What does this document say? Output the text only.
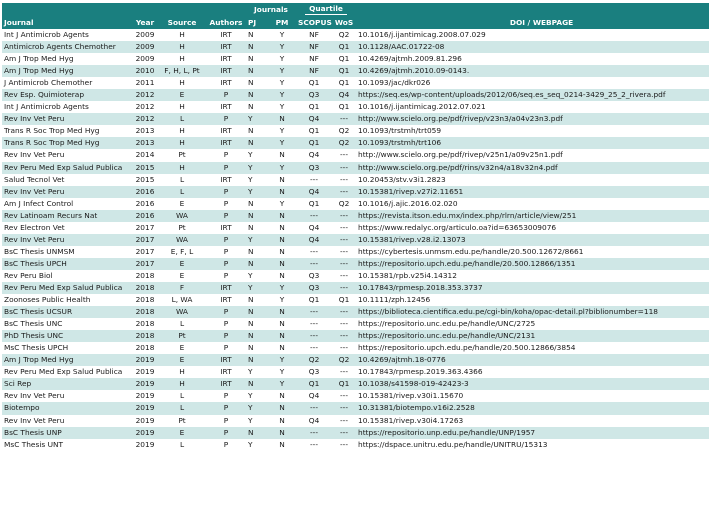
Journal	Year	Source	Authors	Journals		Quartile		DOI / WEBPAGE
				PJ	PM	SCOPUS	WoS	
Int J Antimicrob Agents	2009	H	IRT	N	Y	NF	Q2	10.1016/j.ijantimicag.2008.07.029
Antimicrob Agents Chemother	2009	H	IRT	N	Y	NF	Q1	10.1128/AAC.01722-08
Am J Trop Med Hyg	2009	H	IRT	N	Y	NF	Q1	10.4269/ajtmh.2009.81.296
Am J Trop Med Hyg	2010	F, H, L, Pt	IRT	N	Y	NF	Q1	10.4269/ajtmh.2010.09-0143.
J Antimicrob Chemother	2011	H	IRT	N	Y	Q1	Q1	10.1093/jac/dkr026
Rev Esp. Quimioterap	2012	E	P	N	Y	Q3	Q4	https://seq.es/wp-content/uploads/2012/06/seq.es_seq_0214-3429_25_2_rivera.pdf
Int J Antimicrob Agents	2012	H	IRT	N	Y	Q1	Q1	10.1016/j.ijantimicag.2012.07.021
Rev Inv Vet Peru	2012	L	P	Y	N	Q4	---	http://www.scielo.org.pe/pdf/rivep/v23n3/a04v23n3.pdf
Trans R Soc Trop Med Hyg	2013	H	IRT	N	Y	Q1	Q2	10.1093/trstmh/trt059
Trans R Soc Trop Med Hyg	2013	H	IRT	N	Y	Q1	Q2	10.1093/trstmh/trt106
Rev Inv Vet Peru	2014	Pt	P	Y	N	Q4	---	http://www.scielo.org.pe/pdf/rivep/v25n1/a09v25n1.pdf
Rev Peru Med Exp Salud Publica	2015	H	P	Y	Y	Q3	---	http://www.scielo.org.pe/pdf/rins/v32n4/a18v32n4.pdf
Salud Tecnol Vet	2015	L	IRT	Y	N	---	---	10.20453/stv.v3i1.2823
Rev Inv Vet Peru	2016	L	P	Y	N	Q4	---	10.15381/rivep.v27i2.11651
Am J Infect Control	2016	E	P	N	Y	Q1	Q2	10.1016/j.ajic.2016.02.020
Rev Latinoam Recurs Nat	2016	WA	P	N	N	---	---	https://revista.itson.edu.mx/index.php/rlrn/article/view/251
Rev Electron Vet	2017	Pt	IRT	N	N	Q4	---	https://www.redalyc.org/articulo.oa?id=63653009076
Rev Inv Vet Peru	2017	WA	P	Y	N	Q4	---	10.15381/rivep.v28.i2.13073
BsC Thesis UNMSM	2017	E, F, L	P	N	N	---	---	https://cybertesis.unmsm.edu.pe/handle/20.500.12672/8661
BsC Thesis UPCH	2017	E	P	N	N	---	---	https://repositorio.upch.edu.pe/handle/20.500.12866/1351
Rev Peru Biol	2018	E	P	Y	N	Q3	---	10.15381/rpb.v25i4.14312
Rev Peru Med Exp Salud Publica	2018	F	IRT	Y	Y	Q3	---	10.17843/rpmesp.2018.353.3737
Zoonoses Public Health	2018	L, WA	IRT	N	Y	Q1	Q1	10.1111/zph.12456
BsC Thesis UCSUR	2018	WA	P	N	N	---	---	https://biblioteca.cientifica.edu.pe/cgi-bin/koha/opac-detail.pl?biblionumber=118
BsC Thesis UNC	2018	L	P	N	N	---	---	https://repositorio.unc.edu.pe/handle/UNC/2725
PhD Thesis UNC	2018	Pt	P	N	N	---	---	https://repositorio.unc.edu.pe/handle/UNC/2131
MsC Thesis UPCH	2018	E	P	N	N	---	---	https://repositorio.upch.edu.pe/handle/20.500.12866/3854
Am J Trop Med Hyg	2019	E	IRT	N	Y	Q2	Q2	10.4269/ajtmh.18-0776
Rev Peru Med Exp Salud Publica	2019	H	IRT	Y	Y	Q3	---	10.17843/rpmesp.2019.363.4366
Sci Rep	2019	H	IRT	N	Y	Q1	Q1	10.1038/s41598-019-42423-3
Rev Inv Vet Peru	2019	L	P	Y	N	Q4	---	10.15381/rivep.v30i1.15670
Biotempo	2019	L	P	Y	N	---	---	10.31381/biotempo.v16i2.2528
Rev Inv Vet Peru	2019	Pt	P	Y	N	Q4	---	10.15381/rivep.v30i4.17263
BsC Thesis UNP	2019	E	P	N	N	---	---	https://repositorio.unp.edu.pe/handle/UNP/1957
MsC Thesis UNT	2019	L	P	Y	N	---	---	https://dspace.unitru.edu.pe/handle/UNITRU/15313
